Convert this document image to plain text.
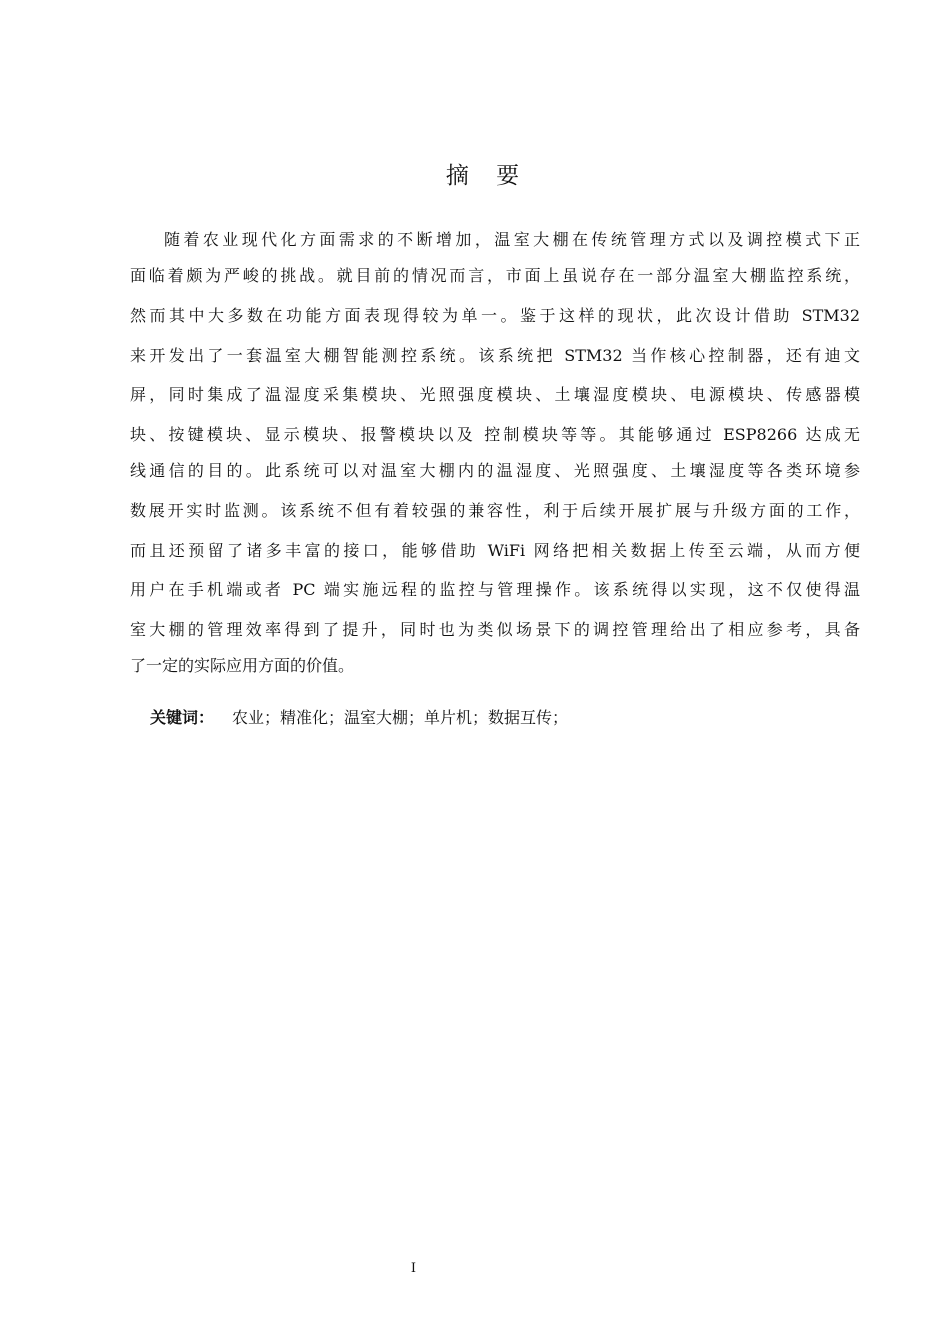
摘 要

随着农业现代化方面需求的不断增加，温室大棚在传统管理方式以及调控模式下正

面临着颇为严峻的挑战。就目前的情况而言，市面上虽说存在一部分温室大棚监控系统，

然而其中大多数在功能方面表现得较为单一。鉴于这样的现状，此次设计借助 STM32

来开发出了一套温室大棚智能测控系统。该系统把 STM32 当作核心控制器，还有迪文

屏，同时集成了温湿度采集模块、光照强度模块、土壤湿度模块、电源模块、传感器模

块、按键模块、显示模块、报警模块以及 控制模块等等。其能够通过 ESP8266 达成无

线通信的目的。此系统可以对温室大棚内的温湿度、光照强度、土壤湿度等各类环境参

数展开实时监测。该系统不但有着较强的兼容性，利于后续开展扩展与升级方面的工作，

而且还预留了诸多丰富的接口，能够借助 WiFi 网络把相关数据上传至云端，从而方便

用户在手机端或者 PC 端实施远程的监控与管理操作。该系统得以实现，这不仅使得温

室大棚的管理效率得到了提升，同时也为类似场景下的调控管理给出了相应参考，具备

了一定的实际应用方面的价值。

关键词： 农业；精准化；温室大棚；单片机；数据互传；

I
